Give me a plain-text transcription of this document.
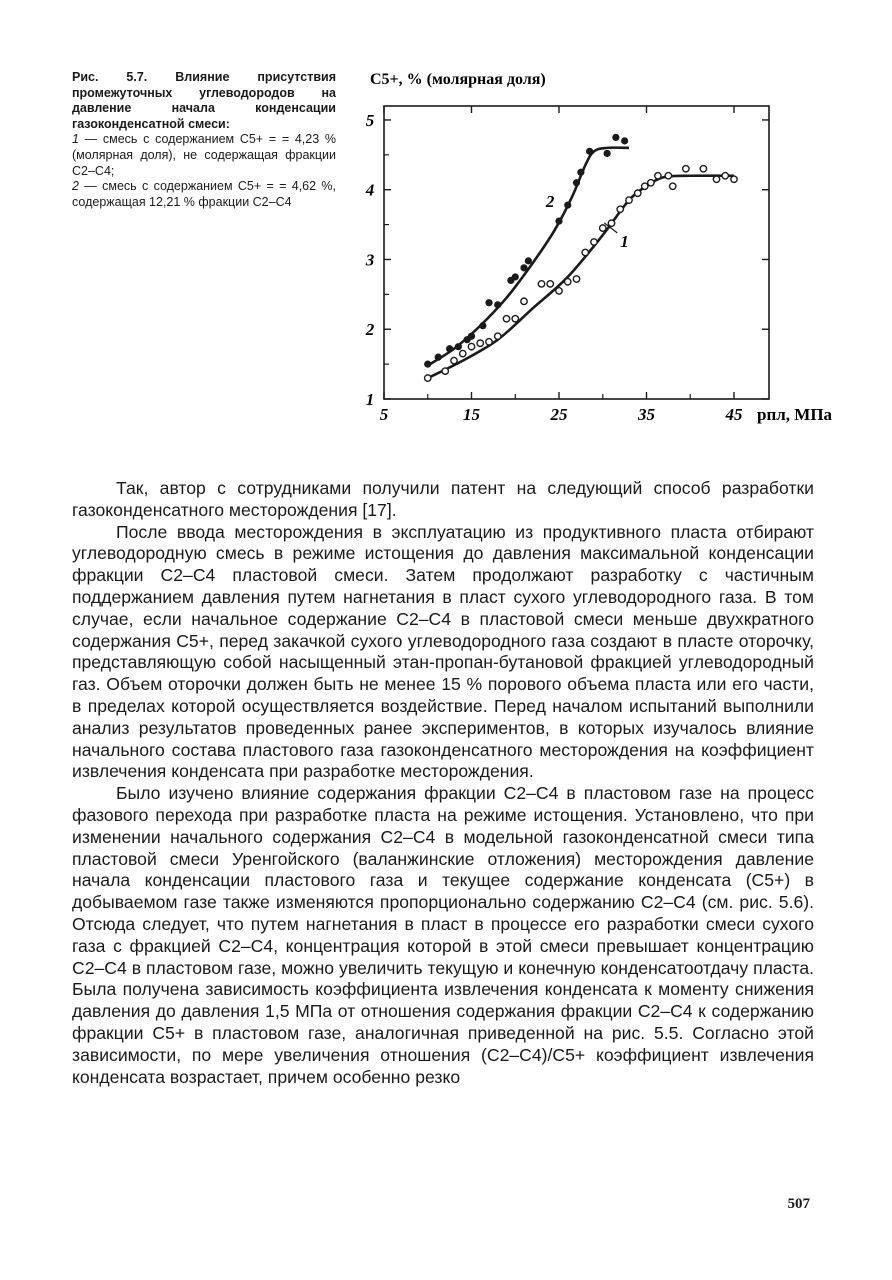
Рис. 5.7. Влияние присутствия промежуточных углеводородов на давление начала конденсации газоконденсатной смеси:
1 — смесь с содержанием C5+ = = 4,23 % (молярная доля), не содержащая фракции C2–C4;
2 — смесь с содержанием C5+ = = 4,62 %, содержащая 12,21 % фракции C2–C4
C5+, % (молярная доля)
5	15	25	35	45
1
2
3
4
5
pпл, МПа
2
1

Так, автор с сотрудниками получили патент на следующий способ разработки газоконденсатного месторождения [17].

После ввода месторождения в эксплуатацию из продуктивного пласта отбирают углеводородную смесь в режиме истощения до давления максимальной конденсации фракции C2–C4 пластовой смеси. Затем продолжают разработку с частичным поддержанием давления путем нагнетания в пласт сухого углеводородного газа. В том случае, если начальное содержание C2–C4 в пластовой смеси меньше двухкратного содержания C5+, перед закачкой сухого углеводородного газа создают в пласте оторочку, представляющую собой насыщенный этан-пропан-бутановой фракцией углеводородный газ. Объем оторочки должен быть не менее 15 % порового объема пласта или его части, в пределах которой осуществляется воздействие. Перед началом испытаний выполнили анализ результатов проведенных ранее экспериментов, в которых изучалось влияние начального состава пластового газа газоконденсатного месторождения на коэффициент извлечения конденсата при разработке месторождения.

Было изучено влияние содержания фракции C2–C4 в пластовом газе на процесс фазового перехода при разработке пласта на режиме истощения. Установлено, что при изменении начального содержания C2–C4 в модельной газоконденсатной смеси типа пластовой смеси Уренгойского (валанжинские отложения) месторождения давление начала конденсации пластового газа и текущее содержание конденсата (C5+) в добываемом газе также изменяются пропорционально содержанию C2–C4 (см. рис. 5.6). Отсюда следует, что путем нагнетания в пласт в процессе его разработки смеси сухого газа с фракцией C2–C4, концентрация которой в этой смеси превышает концентрацию C2–C4 в пластовом газе, можно увеличить текущую и конечную конденсатоотдачу пласта. Была получена зависимость коэффициента извлечения конденсата к моменту снижения давления до давления 1,5 МПа от отношения содержания фракции C2–C4 к содержанию фракции C5+ в пластовом газе, аналогичная приведенной на рис. 5.5. Согласно этой зависимости, по мере увеличения отношения (C2–C4)/C5+ коэффициент извлечения конденсата возрастает, причем особенно резко

507
